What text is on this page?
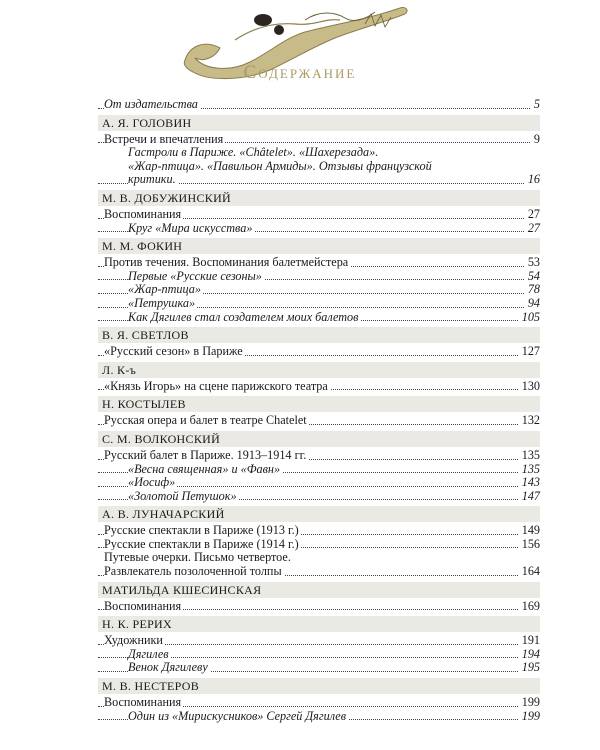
Содержание
От издательства	5
А. Я. ГОЛОВИН
Встречи и впечатления	9
Гастроли в Париже. «Châtelet». «Шахерезада».
«Жар-птица». «Павильон Армиды». Отзывы французской
критики.	16
М. В. ДОБУЖИНСКИЙ
Воспоминания	27
Круг «Мира искусства»	27
М. М. ФОКИН
Против течения. Воспоминания балетмейстера	53
Первые «Русские сезоны»	54
«Жар-птица»	78
«Петрушка»	94
Как Дягилев стал создателем моих балетов	105
В. Я. СВЕТЛОВ
«Русский сезон» в Париже	127
Л. К-ъ
«Князь Игорь» на сцене парижского театра	130
Н. КОСТЫЛЕВ
Русская опера и балет в театре Chatelet	132
С. М. ВОЛКОНСКИЙ
Русский балет в Париже. 1913–1914 гг.	135
«Весна священная» и «Фавн»	135
«Иосиф»	143
«Золотой Петушок»	147
А. В. ЛУНАЧАРСКИЙ
Русские спектакли в Париже (1913 г.)	149
Русские спектакли в Париже (1914 г.)	156
Путевые очерки. Письмо четвертое.
Развлекатель позолоченной толпы	164
МАТИЛЬДА КШЕСИНСКАЯ
Воспоминания	169
Н. К. РЕРИХ
Художники	191
Дягилев	194
Венок Дягилеву	195
М. В. НЕСТЕРОВ
Воспоминания	199
Один из «Мирискусников» Сергей Дягилев	199
